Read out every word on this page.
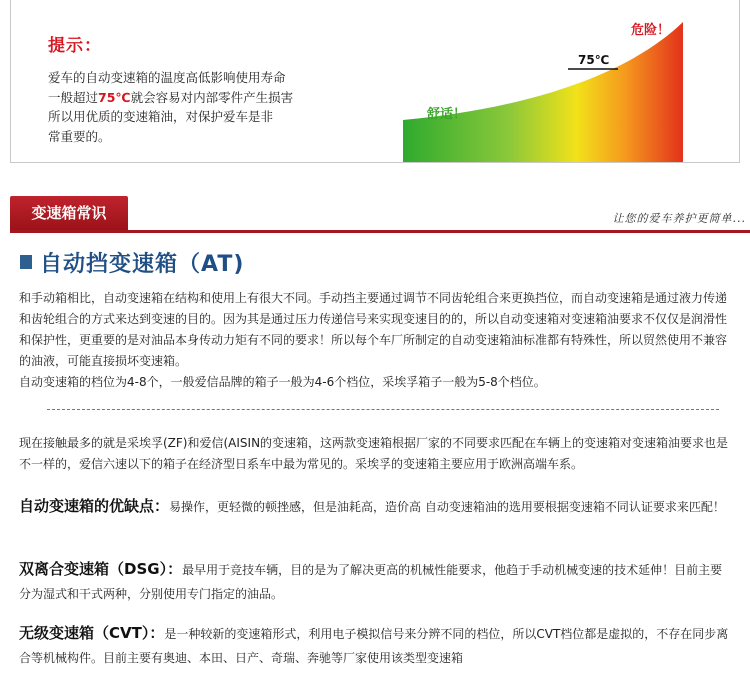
提示：
爱车的自动变速箱的温度高低影响使用寿命
一般超过75℃就会容易对内部零件产生损害
所以用优质的变速箱油，对保护爱车是非
常重要的。
舒适！
危险！
75℃
变速箱常识	让您的爱车养护更简单...
自动挡变速箱（AT)
和手动箱相比，自动变速箱在结构和使用上有很大不同。手动挡主要通过调节不同齿轮组合来更换挡位，而自动变速箱是通过液力传递和齿轮组合的方式来达到变速的目的。因为其是通过压力传递信号来实现变速目的的，所以自动变速箱对变速箱油要求不仅仅是润滑性和保护性，更重要的是对油品本身传动力矩有不同的要求！所以每个车厂所制定的自动变速箱油标准都有特殊性，所以贸然使用不兼容的油液，可能直接损坏变速箱。
自动变速箱的档位为4-8个，一般爱信品牌的箱子一般为4-6个档位，采埃孚箱子一般为5-8个档位。
现在接触最多的就是采埃孚(ZF)和爱信(AISIN的变速箱，这两款变速箱根据厂家的不同要求匹配在车辆上的变速箱对变速箱油要求也是不一样的，爱信六速以下的箱子在经济型日系车中最为常见的。采埃孚的变速箱主要应用于欧洲高端车系。
自动变速箱的优缺点：易操作，更轻微的顿挫感，但是油耗高，造价高 自动变速箱油的选用要根据变速箱不同认证要求来匹配！
双离合变速箱（DSG）：最早用于竞技车辆，目的是为了解决更高的机械性能要求，他趋于手动机械变速的技术延伸！目前主要分为湿式和干式两种，分别使用专门指定的油品。
无级变速箱（CVT）：是一种较新的变速箱形式，利用电子模拟信号来分辨不同的档位，所以CVT档位都是虚拟的，不存在同步离合等机械构件。目前主要有奥迪、本田、日产、奇瑞、奔驰等厂家使用该类型变速箱
